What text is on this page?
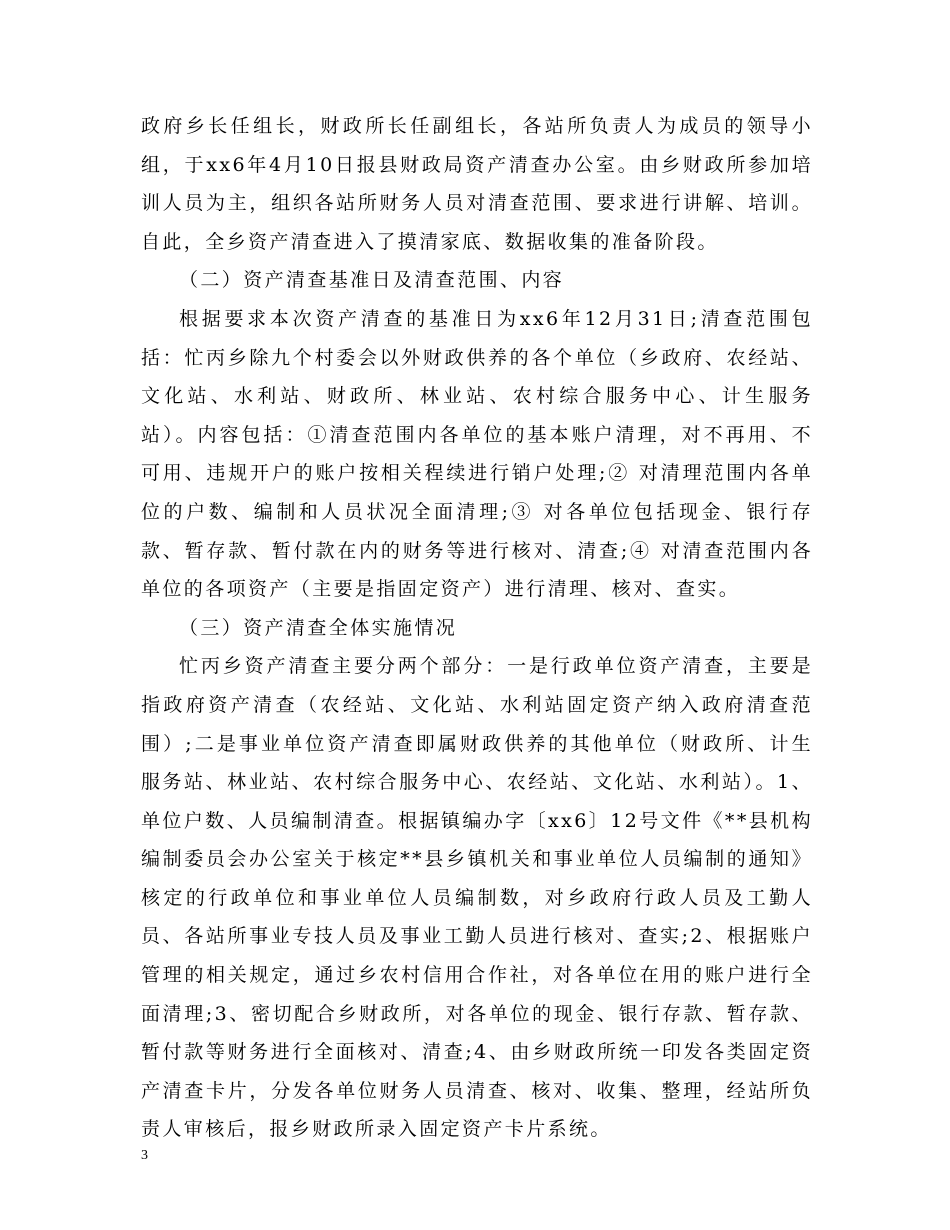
政府乡长任组长，财政所长任副组长，各站所负责人为成员的领导小组，于xx6年4月10日报县财政局资产清查办公室。由乡财政所参加培训人员为主，组织各站所财务人员对清查范围、要求进行讲解、培训。自此，全乡资产清查进入了摸清家底、数据收集的准备阶段。

（二）资产清查基准日及清查范围、内容

根据要求本次资产清查的基准日为xx6年12月31日;清查范围包括：忙丙乡除九个村委会以外财政供养的各个单位（乡政府、农经站、文化站、水利站、财政所、林业站、农村综合服务中心、计生服务站）。内容包括：①清查范围内各单位的基本账户清理，对不再用、不可用、违规开户的账户按相关程续进行销户处理;② 对清理范围内各单位的户数、编制和人员状况全面清理;③ 对各单位包括现金、银行存款、暂存款、暂付款在内的财务等进行核对、清查;④ 对清查范围内各单位的各项资产（主要是指固定资产）进行清理、核对、查实。

（三）资产清查全体实施情况

忙丙乡资产清查主要分两个部分：一是行政单位资产清查，主要是指政府资产清查（农经站、文化站、水利站固定资产纳入政府清查范围）;二是事业单位资产清查即属财政供养的其他单位（财政所、计生服务站、林业站、农村综合服务中心、农经站、文化站、水利站）。1、单位户数、人员编制清查。根据镇编办字〔xx6〕12号文件《**县机构编制委员会办公室关于核定**县乡镇机关和事业单位人员编制的通知》核定的行政单位和事业单位人员编制数，对乡政府行政人员及工勤人员、各站所事业专技人员及事业工勤人员进行核对、查实;2、根据账户管理的相关规定，通过乡农村信用合作社，对各单位在用的账户进行全面清理;3、密切配合乡财政所，对各单位的现金、银行存款、暂存款、暂付款等财务进行全面核对、清查;4、由乡财政所统一印发各类固定资产清查卡片，分发各单位财务人员清查、核对、收集、整理，经站所负责人审核后，报乡财政所录入固定资产卡片系统。

3
